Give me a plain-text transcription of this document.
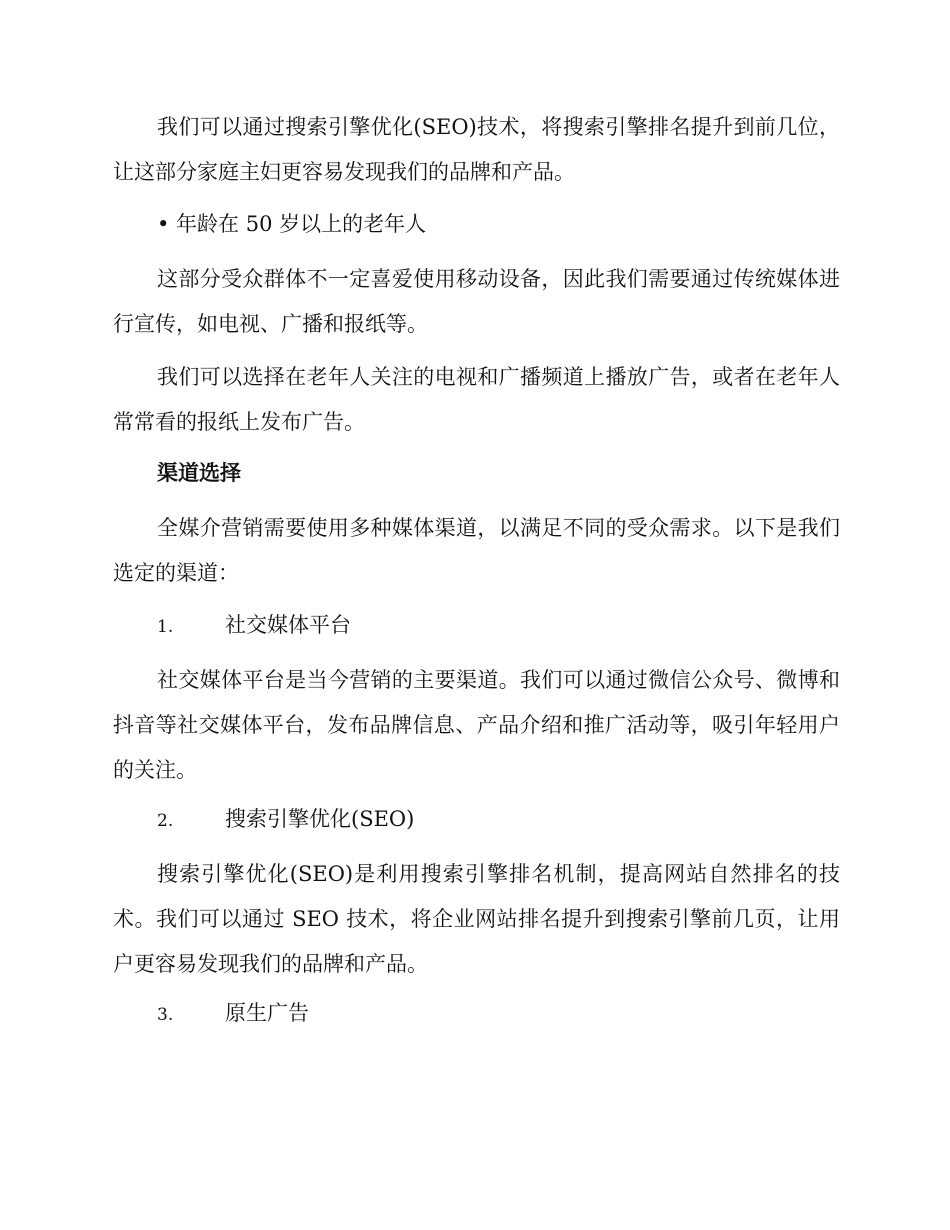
我们可以通过搜索引擎优化(SEO)技术，将搜索引擎排名提升到前几位，让这部分家庭主妇更容易发现我们的品牌和产品。

• 年龄在 50 岁以上的老年人

这部分受众群体不一定喜爱使用移动设备，因此我们需要通过传统媒体进行宣传，如电视、广播和报纸等。

我们可以选择在老年人关注的电视和广播频道上播放广告，或者在老年人常常看的报纸上发布广告。

渠道选择

全媒介营销需要使用多种媒体渠道，以满足不同的受众需求。以下是我们选定的渠道：

1. 社交媒体平台

社交媒体平台是当今营销的主要渠道。我们可以通过微信公众号、微博和抖音等社交媒体平台，发布品牌信息、产品介绍和推广活动等，吸引年轻用户的关注。

2. 搜索引擎优化(SEO)

搜索引擎优化(SEO)是利用搜索引擎排名机制，提高网站自然排名的技术。我们可以通过 SEO 技术，将企业网站排名提升到搜索引擎前几页，让用户更容易发现我们的品牌和产品。

3. 原生广告
